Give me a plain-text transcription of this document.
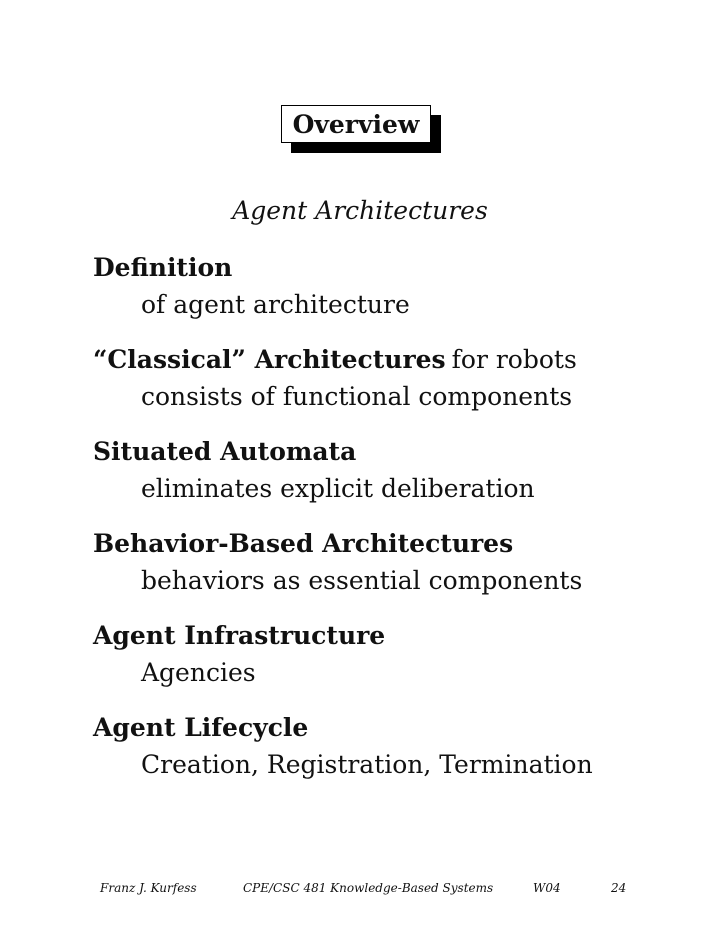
Overview
Agent Architectures
Definition
of agent architecture
“Classical” Architectures for robots
consists of functional components
Situated Automata
eliminates explicit deliberation
Behavior-Based Architectures
behaviors as essential components
Agent Infrastructure
Agencies
Agent Lifecycle
Creation, Registration, Termination
Franz J. Kurfess	CPE/CSC 481 Knowledge-Based Systems	W04	24
